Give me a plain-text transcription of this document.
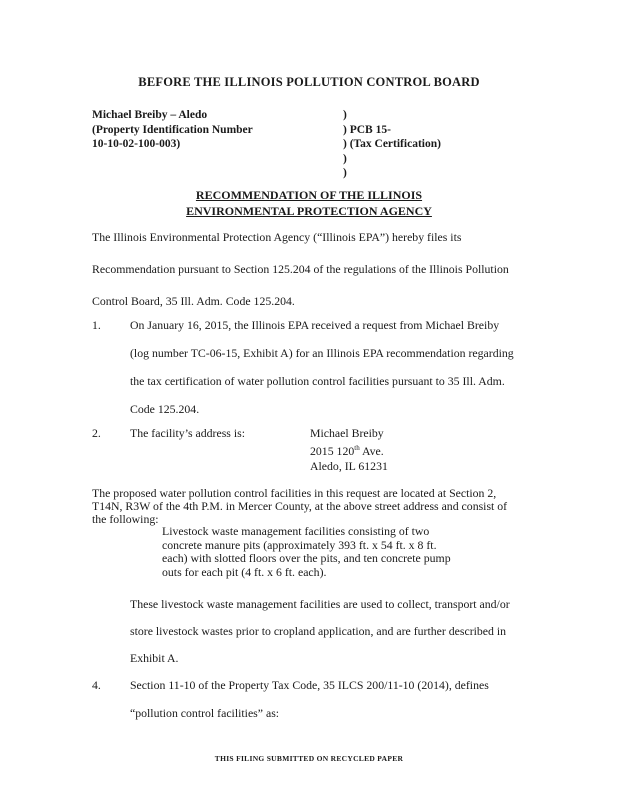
BEFORE THE ILLINOIS POLLUTION CONTROL BOARD
Michael Breiby – Aledo
(Property Identification Number
10-10-02-100-003)
)
) PCB 15-
) (Tax Certification)
)
)
RECOMMENDATION OF THE ILLINOIS
ENVIRONMENTAL PROTECTION AGENCY
The Illinois Environmental Protection Agency (“Illinois EPA”) hereby files its
Recommendation pursuant to Section 125.204 of the regulations of the Illinois Pollution
Control Board, 35 Ill. Adm. Code 125.204.
1. On January 16, 2015, the Illinois EPA received a request from Michael Breiby
(log number TC-06-15, Exhibit A) for an Illinois EPA recommendation regarding
the tax certification of water pollution control facilities pursuant to 35 Ill. Adm.
Code 125.204.
2. The facility’s address is:	Michael Breiby
2015 120th Ave.
Aledo, IL 61231
The proposed water pollution control facilities in this request are located at Section 2,
T14N, R3W of the 4th P.M. in Mercer County, at the above street address and consist of
the following:
Livestock waste management facilities consisting of two concrete manure pits (approximately 393 ft. x 54 ft. x 8 ft. each) with slotted floors over the pits, and ten concrete pump outs for each pit (4 ft. x 6 ft. each).
These livestock waste management facilities are used to collect, transport and/or
store livestock wastes prior to cropland application, and are further described in
Exhibit A.
4. Section 11-10 of the Property Tax Code, 35 ILCS 200/11-10 (2014), defines
“pollution control facilities” as:
THIS FILING SUBMITTED ON RECYCLED PAPER
